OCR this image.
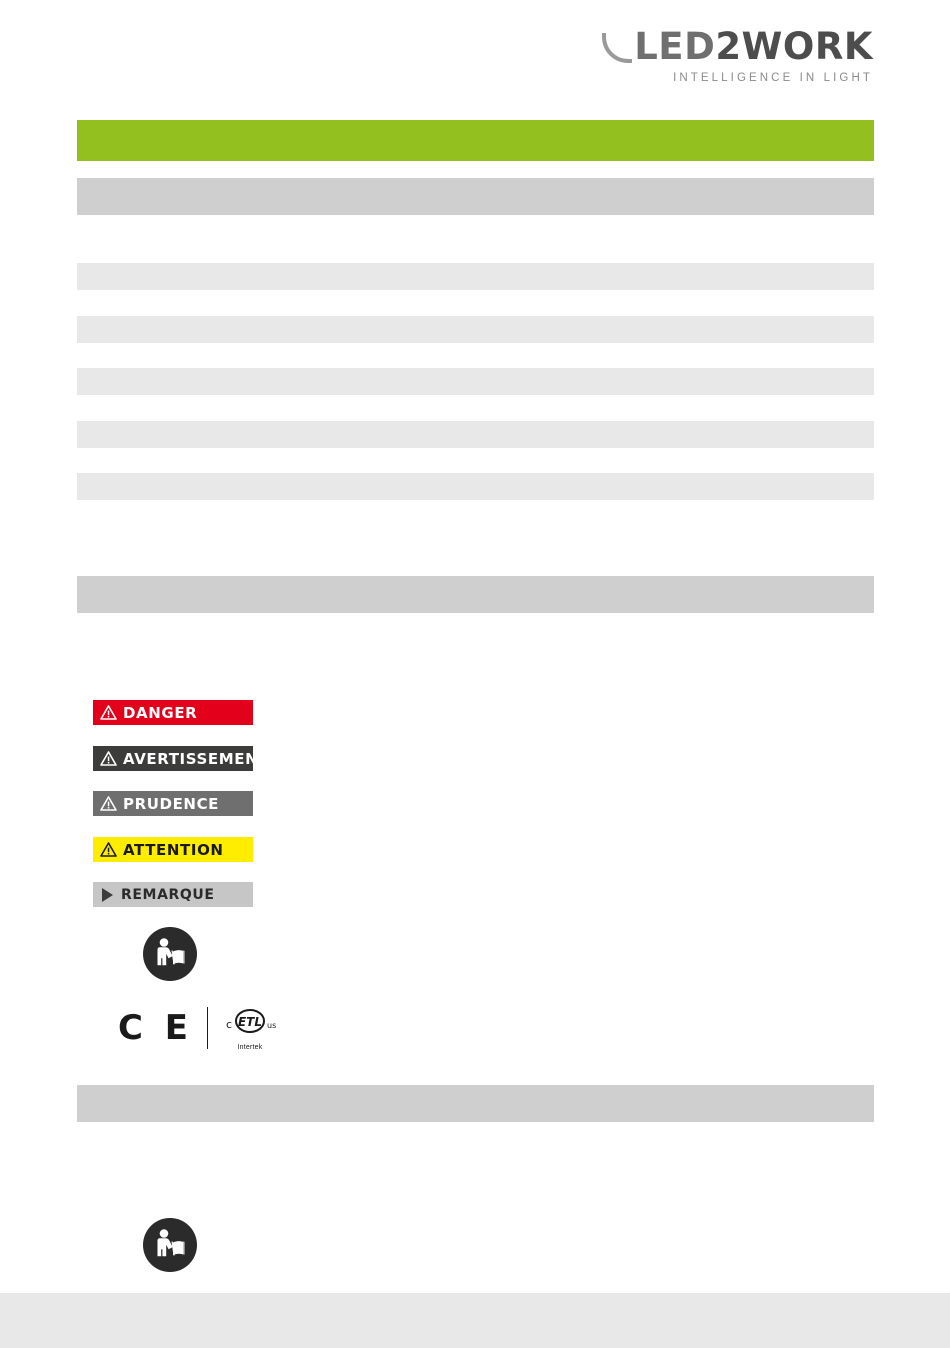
LED2WORK
INTELLIGENCE IN LIGHT
DANGER
AVERTISSEMENT
PRUDENCE
ATTENTION
REMARQUE
C E	c ETL us
Intertek
